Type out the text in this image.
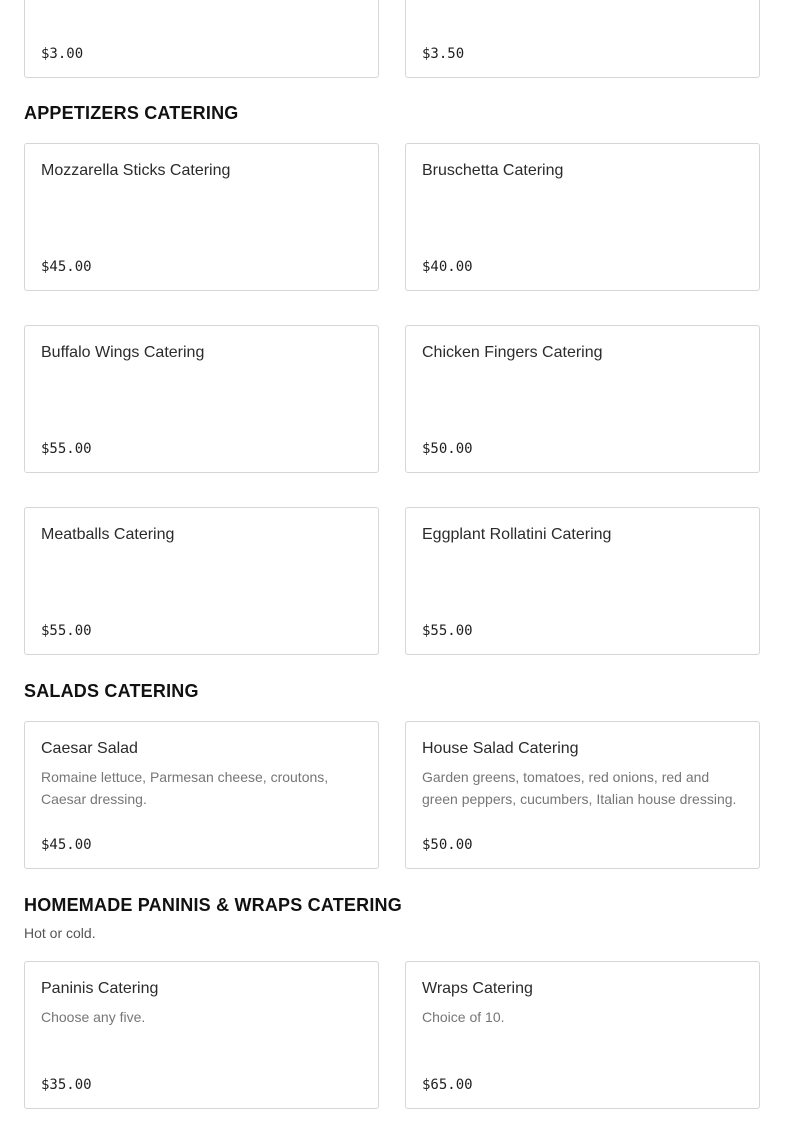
$3.00	$3.50
APPETIZERS CATERING
Mozzarella Sticks Catering
$45.00
Bruschetta Catering
$40.00
Buffalo Wings Catering
$55.00
Chicken Fingers Catering
$50.00
Meatballs Catering
$55.00
Eggplant Rollatini Catering
$55.00
SALADS CATERING
Caesar Salad
Romaine lettuce, Parmesan cheese, croutons, Caesar dressing.
$45.00
House Salad Catering
Garden greens, tomatoes, red onions, red and green peppers, cucumbers, Italian house dressing.
$50.00
HOMEMADE PANINIS & WRAPS CATERING
Hot or cold.
Paninis Catering
Choose any five.
$35.00
Wraps Catering
Choice of 10.
$65.00
